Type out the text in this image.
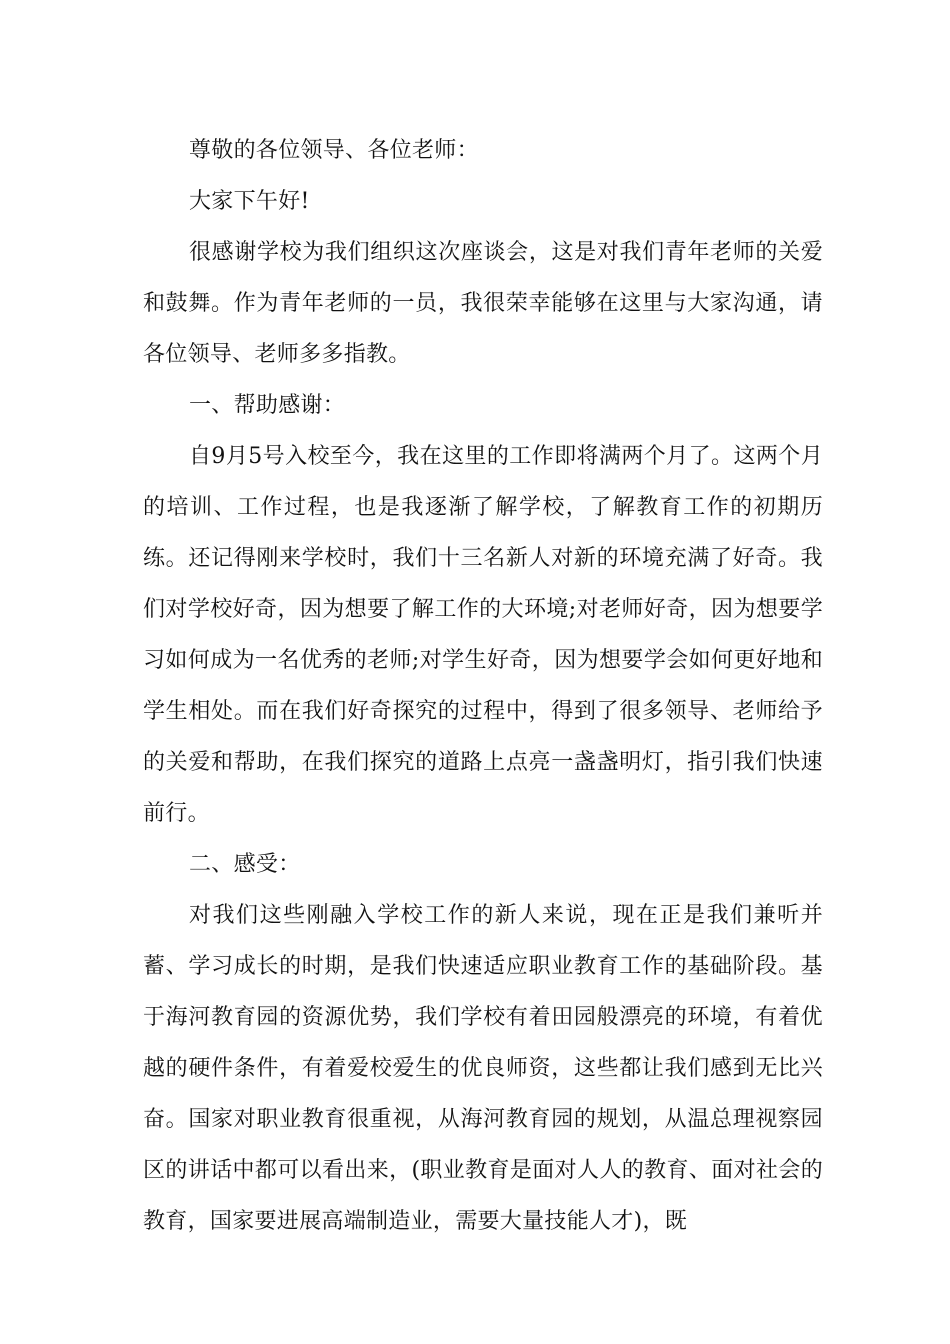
尊敬的各位领导、各位老师：

大家下午好!

很感谢学校为我们组织这次座谈会，这是对我们青年老师的关爱和鼓舞。作为青年老师的一员，我很荣幸能够在这里与大家沟通，请各位领导、老师多多指教。

一、帮助感谢：

自9月5号入校至今，我在这里的工作即将满两个月了。这两个月的培训、工作过程，也是我逐渐了解学校，了解教育工作的初期历练。还记得刚来学校时，我们十三名新人对新的环境充满了好奇。我们对学校好奇，因为想要了解工作的大环境;对老师好奇，因为想要学习如何成为一名优秀的老师;对学生好奇，因为想要学会如何更好地和学生相处。而在我们好奇探究的过程中，得到了很多领导、老师给予的关爱和帮助，在我们探究的道路上点亮一盏盏明灯，指引我们快速前行。

二、感受：

对我们这些刚融入学校工作的新人来说，现在正是我们兼听并蓄、学习成长的时期，是我们快速适应职业教育工作的基础阶段。基于海河教育园的资源优势，我们学校有着田园般漂亮的环境，有着优越的硬件条件，有着爱校爱生的优良师资，这些都让我们感到无比兴奋。国家对职业教育很重视，从海河教育园的规划，从温总理视察园区的讲话中都可以看出来，(职业教育是面对人人的教育、面对社会的教育，国家要进展高端制造业，需要大量技能人才)，既
